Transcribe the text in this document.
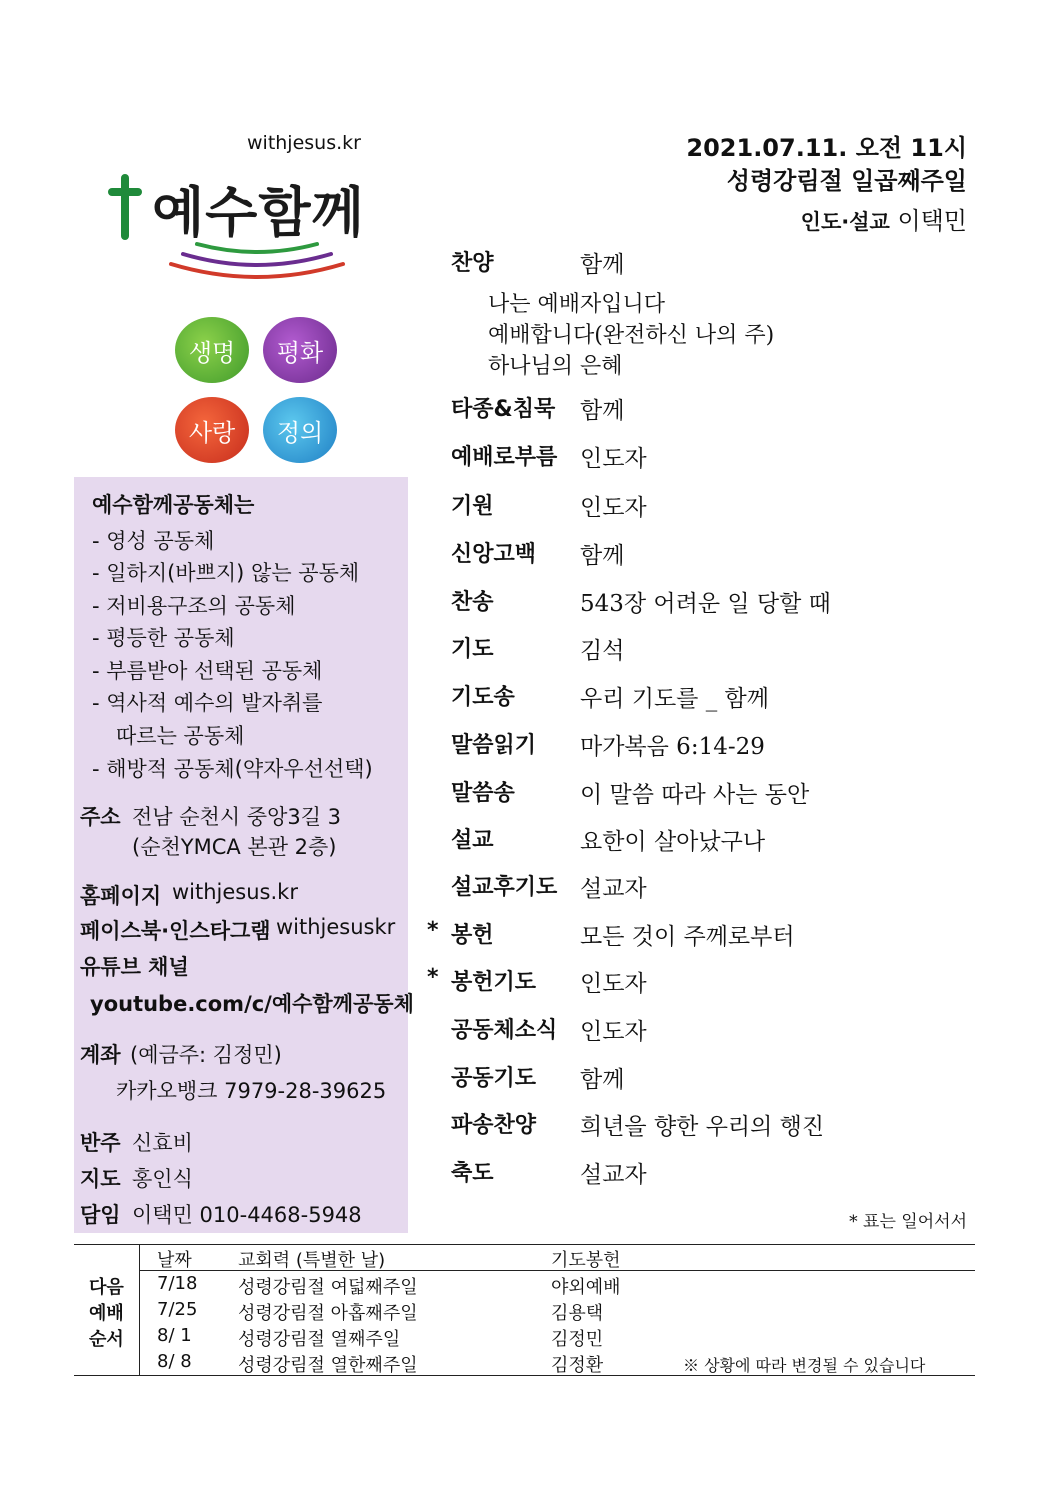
withjesus.kr
예수함께
생명	평화
사랑	정의
예수함께공동체는
- 영성 공동체
- 일하지(바쁘지) 않는 공동체
- 저비용구조의 공동체
- 평등한 공동체
- 부름받아 선택된 공동체
- 역사적 예수의 발자취를
따르는 공동체
- 해방적 공동체(약자우선선택)
주소 전남 순천시 중앙3길 3
(순천YMCA 본관 2층)
홈페이지 withjesus.kr
페이스북·인스타그램 withjesuskr
유튜브 채널
youtube.com/c/예수함께공동체
계좌 (예금주: 김정민)
카카오뱅크 7979-28-39625
반주 신효비
지도 홍인식
담임 이택민 010-4468-5948
2021.07.11. 오전 11시
성령강림절 일곱째주일
인도·설교 이택민
찬양	함께
나는 예배자입니다
예배합니다(완전하신 나의 주)
하나님의 은혜
타종&침묵 함께
예배로부름 인도자
기원	인도자
신앙고백 함께
찬송	543장 어려운 일 당할 때
기도	김석
기도송	우리 기도를 _ 함께
말씀읽기 마가복음 6:14-29
말씀송	이 말씀 따라 사는 동안
설교	요한이 살아났구나
설교후기도 설교자
* 봉헌	모든 것이 주께로부터
* 봉헌기도 인도자
공동체소식 인도자
공동기도 함께
파송찬양 희년을 향한 우리의 행진
축도	설교자
* 표는 일어서서
다음
예배
순서
날짜	교회력 (특별한 날)	기도봉헌
7/18 성령강림절 여덟째주일	야외예배
7/25 성령강림절 아홉째주일	김용택
8/ 1	성령강림절 열째주일	김정민
8/ 8	성령강림절 열한째주일	김정환	※ 상황에 따라 변경될 수 있습니다
